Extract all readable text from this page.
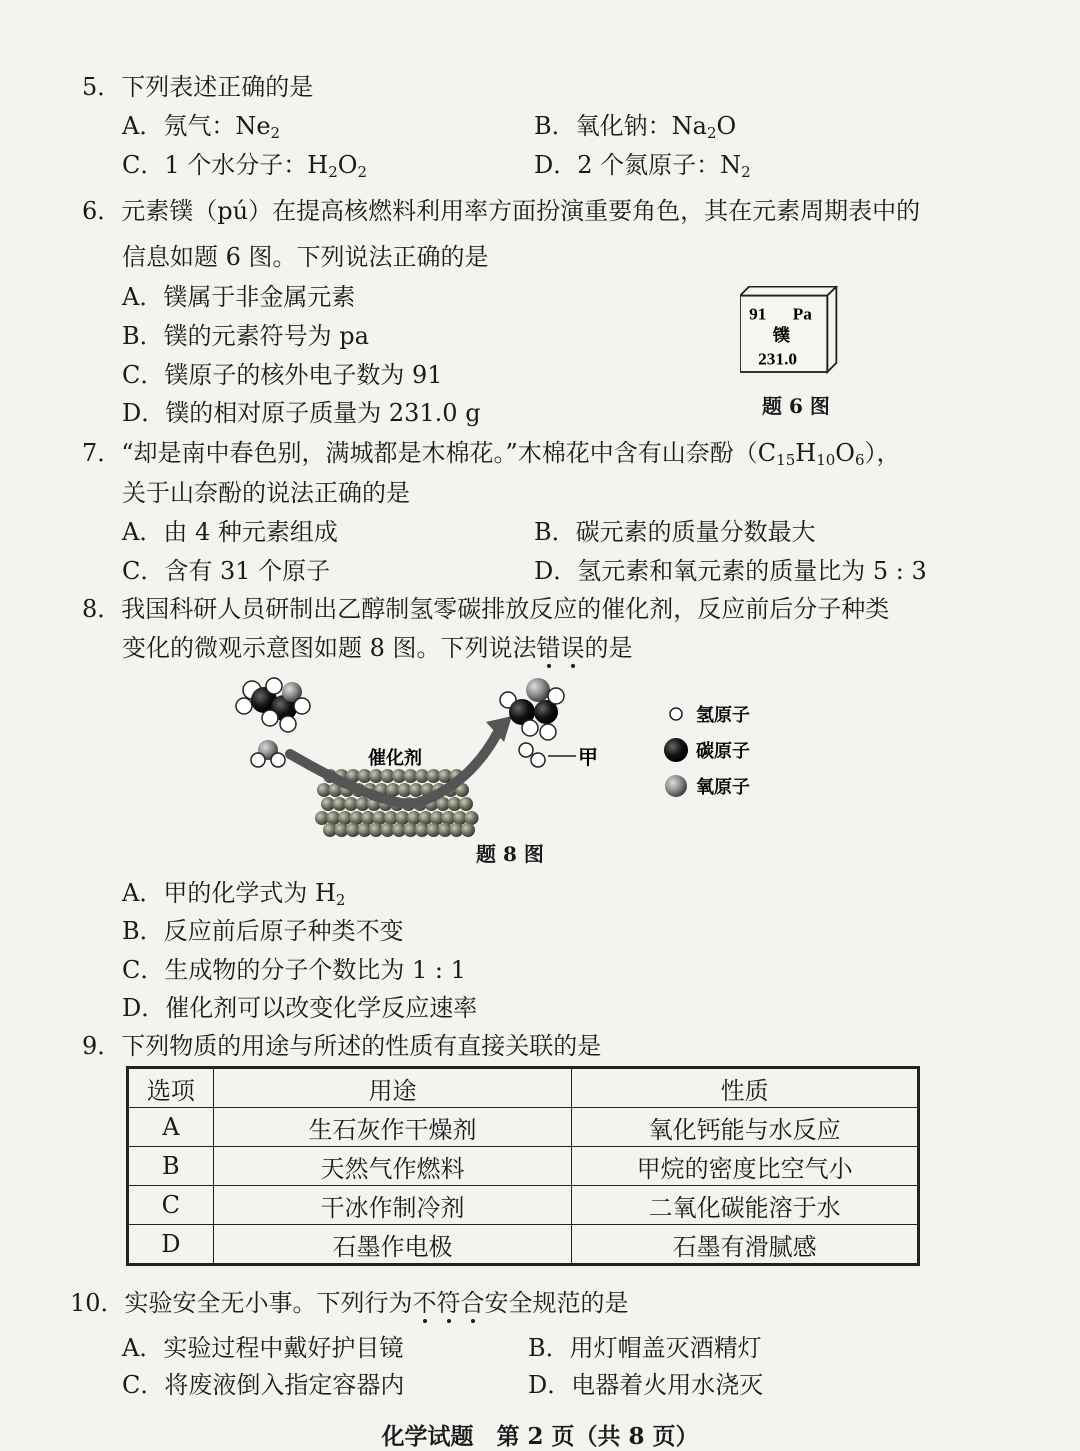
5．下列表述正确的是
A．氖气：$Ne_2$	B．氧化钠：$Na_2O$
C．1 个水分子：$H_2O_2$	D．2 个氮原子：$N_2$
6．元素镤（pú）在提高核燃料利用率方面扮演重要角色，其在元素周期表中的
信息如题 6 图。下列说法正确的是
A．镤属于非金属元素
B．镤的元素符号为 pa
C．镤原子的核外电子数为 91
D．镤的相对原子质量为 231.0 g
91 Pa
镤
231.0
题 6 图
7．“却是南中春色别，满城都是木棉花。”木棉花中含有山奈酚$(C_{15}H_{10}O_6)$，
关于山奈酚的说法正确的是
A．由 4 种元素组成	B．碳元素的质量分数最大
C．含有 31 个原子	D．氢元素和氧元素的质量比为 5 : 3
8．我国科研人员研制出乙醇制氢零碳排放反应的催化剂，反应前后分子种类
变化的微观示意图如题 8 图。下列说法错误的是
催化剂	甲
氢原子
碳原子
氧原子
题 8 图
A．甲的化学式为 $H_2$
B．反应前后原子种类不变
C．生成物的分子个数比为 1 : 1
D．催化剂可以改变化学反应速率
9．下列物质的用途与所述的性质有直接关联的是
选项	用途	性质
A	生石灰作干燥剂	氧化钙能与水反应
B	天然气作燃料	甲烷的密度比空气小
C	干冰作制冷剂	二氧化碳能溶于水
D	石墨作电极	石墨有滑腻感
10．实验安全无小事。下列行为不符合安全规范的是
A．实验过程中戴好护目镜	B．用灯帽盖灭酒精灯
C．将废液倒入指定容器内	D．电器着火用水浇灭
化学试题　第 2 页（共 8 页）
